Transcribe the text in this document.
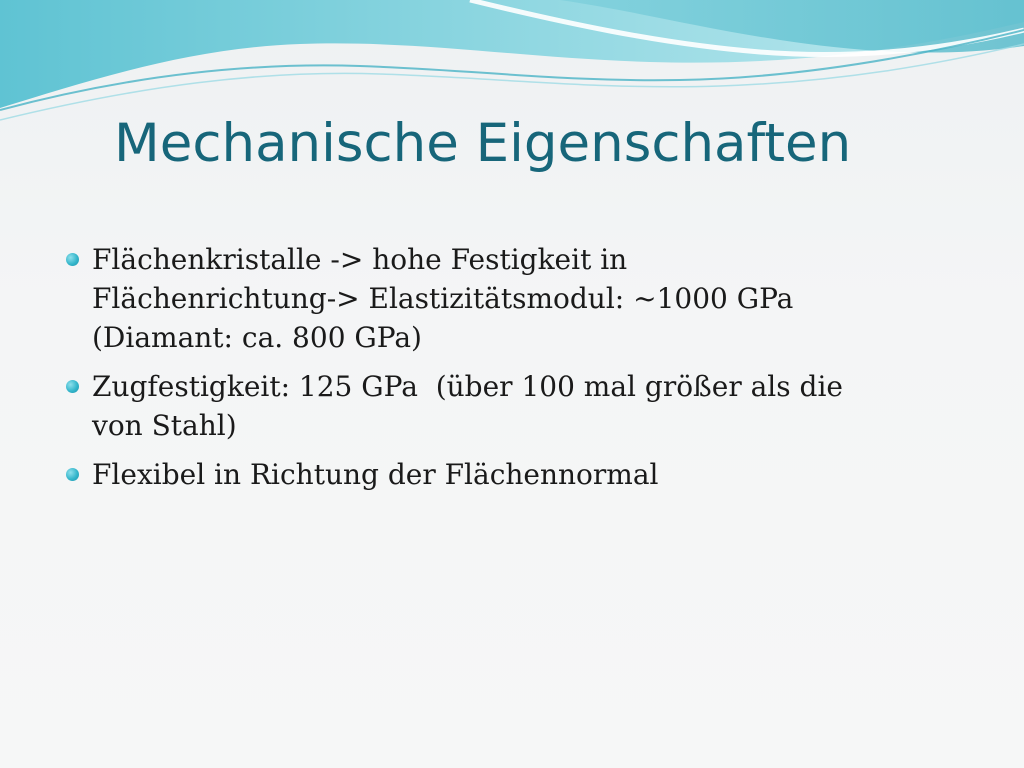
Mechanische Eigenschaften
Flächenkristalle -> hohe Festigkeit in
Flächenrichtung-> Elastizitätsmodul: ~1000 GPa
(Diamant: ca. 800 GPa)
Zugfestigkeit: 125 GPa  (über 100 mal größer als die
von Stahl)
Flexibel in Richtung der Flächennormal
